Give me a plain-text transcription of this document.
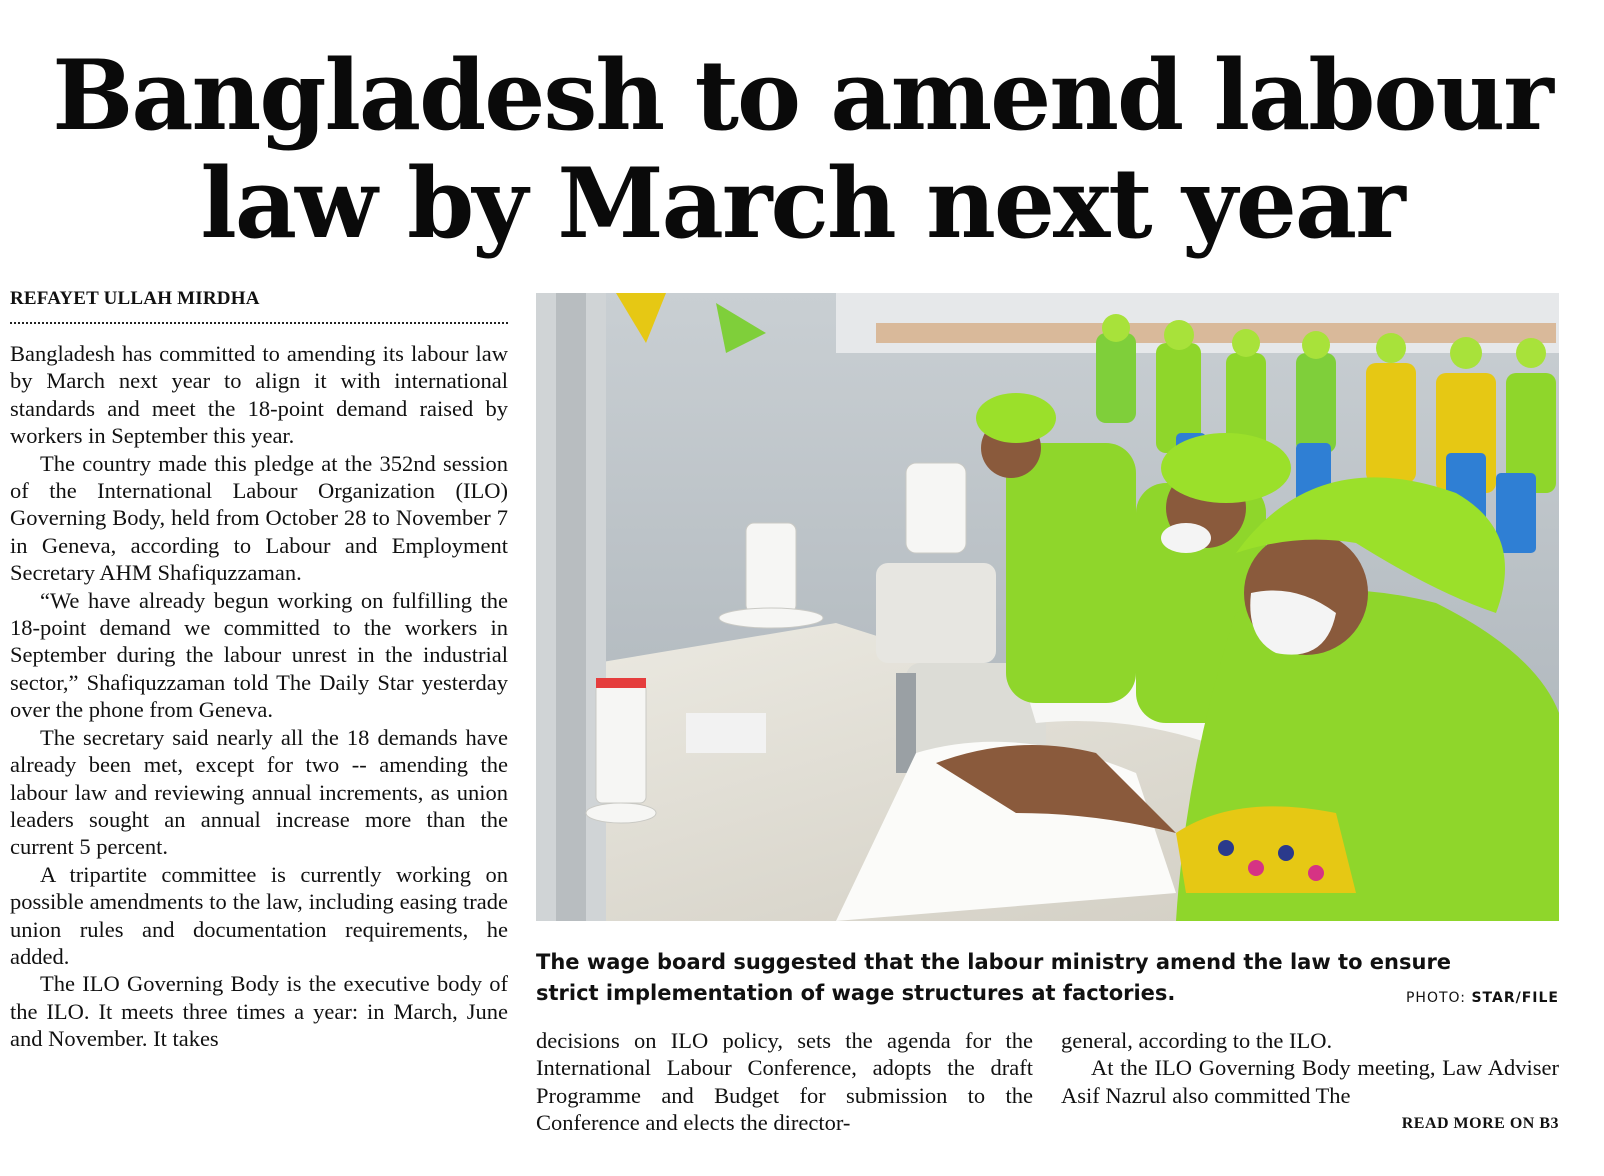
Bangladesh to amend labour
law by March next year
REFAYET ULLAH MIRDHA

Bangladesh has committed to amending its labour law by March next year to align it with international standards and meet the 18-point demand raised by workers in September this year.

The country made this pledge at the 352nd session of the International Labour Organization (ILO) Governing Body, held from October 28 to November 7 in Geneva, according to Labour and Employment Secretary AHM Shafiquzzaman.

“We have already begun working on fulfilling the 18-point demand we committed to the workers in September during the labour unrest in the industrial sector,” Shafiquzzaman told The Daily Star yesterday over the phone from Geneva.

The secretary said nearly all the 18 demands have already been met, except for two -- amending the labour law and reviewing annual increments, as union leaders sought an annual increase more than the current 5 percent.

A tripartite committee is currently working on possible amendments to the law, including easing trade union rules and documentation requirements, he added.

The ILO Governing Body is the executive body of the ILO. It meets three times a year: in March, June and November. It takes

The wage board suggested that the labour ministry amend the law to ensure strict implementation of wage structures at factories.	PHOTO: STAR/FILE

decisions on ILO policy, sets the agenda for the International Labour Conference, adopts the draft Programme and Budget for submission to the Conference and elects the director-

general, according to the ILO.

At the ILO Governing Body meeting, Law Adviser Asif Nazrul also committed The

READ MORE ON B3
